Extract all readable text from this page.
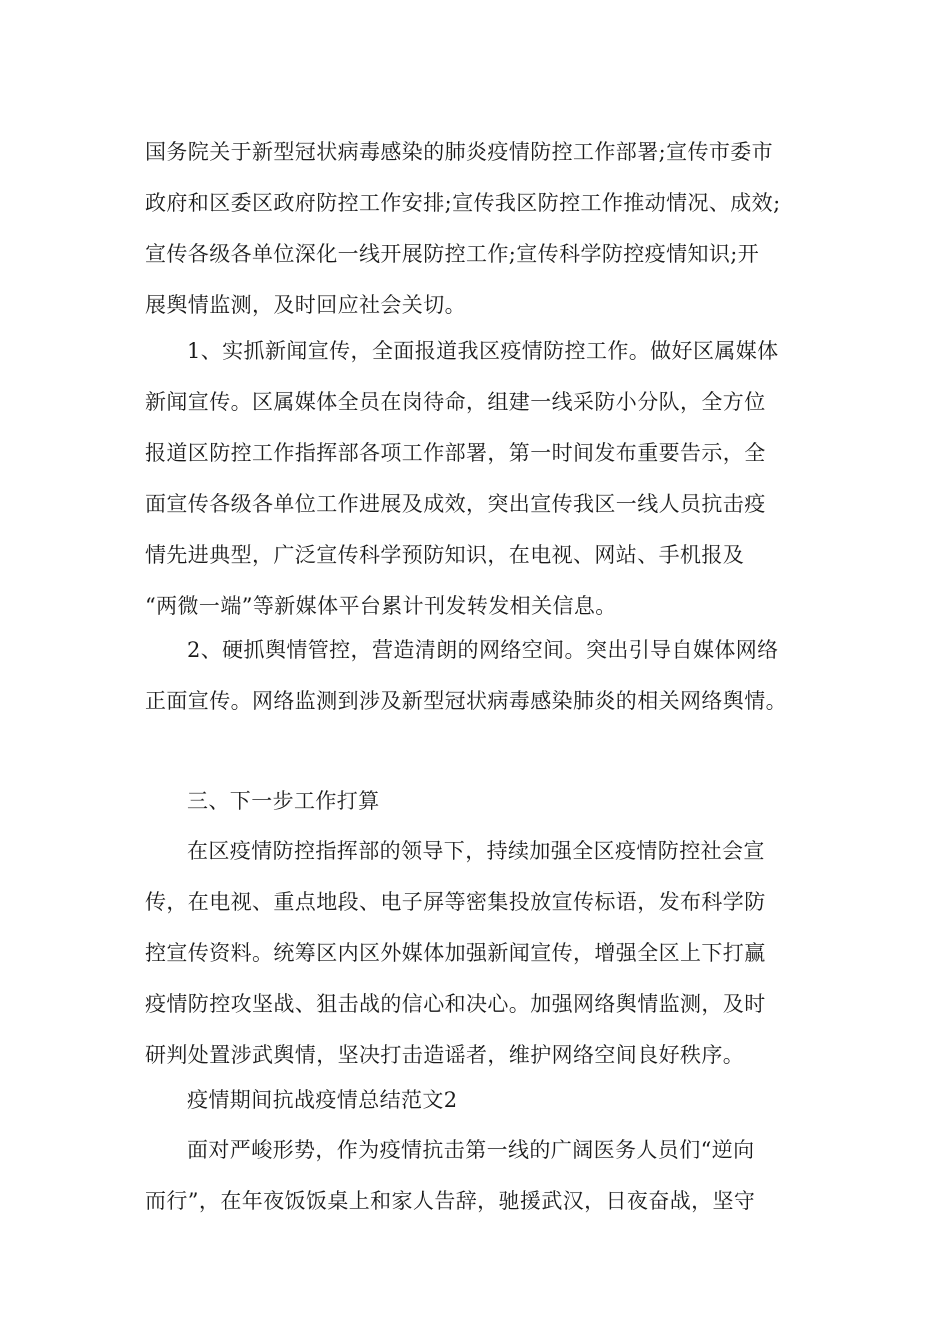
国务院关于新型冠状病毒感染的肺炎疫情防控工作部署;宣传市委市
政府和区委区政府防控工作安排;宣传我区防控工作推动情况、成效;
宣传各级各单位深化一线开展防控工作;宣传科学防控疫情知识;开
展舆情监测，及时回应社会关切。
1、实抓新闻宣传，全面报道我区疫情防控工作。做好区属媒体
新闻宣传。区属媒体全员在岗待命，组建一线采防小分队，全方位
报道区防控工作指挥部各项工作部署，第一时间发布重要告示，全
面宣传各级各单位工作进展及成效，突出宣传我区一线人员抗击疫
情先进典型，广泛宣传科学预防知识，在电视、网站、手机报及
“两微一端”等新媒体平台累计刊发转发相关信息。
2、硬抓舆情管控，营造清朗的网络空间。突出引导自媒体网络
正面宣传。网络监测到涉及新型冠状病毒感染肺炎的相关网络舆情。
三、下一步工作打算
在区疫情防控指挥部的领导下，持续加强全区疫情防控社会宣
传，在电视、重点地段、电子屏等密集投放宣传标语，发布科学防
控宣传资料。统筹区内区外媒体加强新闻宣传，增强全区上下打赢
疫情防控攻坚战、狙击战的信心和决心。加强网络舆情监测，及时
研判处置涉武舆情，坚决打击造谣者，维护网络空间良好秩序。
疫情期间抗战疫情总结范文2
面对严峻形势，作为疫情抗击第一线的广阔医务人员们“逆向
而行”，在年夜饭饭桌上和家人告辞，驰援武汉，日夜奋战，坚守
